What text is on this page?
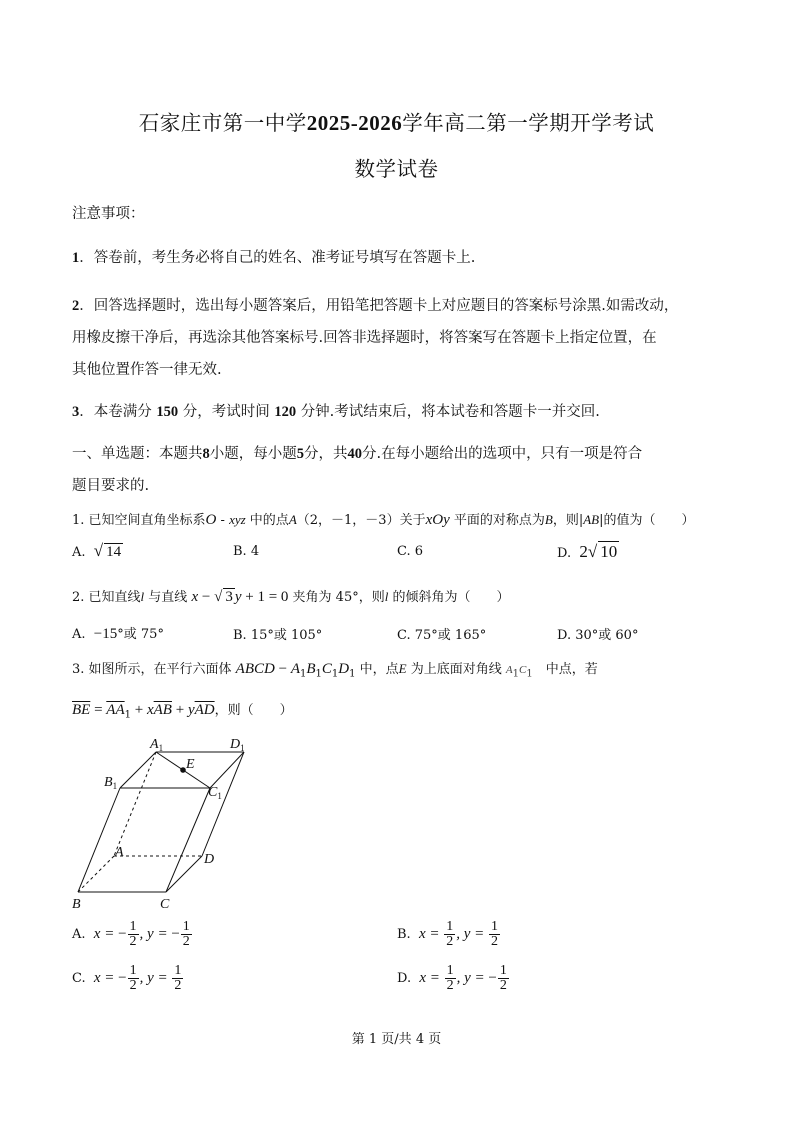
石家庄市第一中学2025-2026学年高二第一学期开学考试
数学试卷
注意事项：
1．答卷前，考生务必将自己的姓名、准考证号填写在答题卡上.
2．回答选择题时，选出每小题答案后，用铅笔把答题卡上对应题目的答案标号涂黑.如需改动，
用橡皮擦干净后，再选涂其他答案标号.回答非选择题时，将答案写在答题卡上指定位置，在
其他位置作答一律无效.
3．本卷满分 150 分，考试时间 120 分钟.考试结束后，将本试卷和答题卡一并交回.
一、单选题：本题共8小题，每小题5分，共40分.在每小题给出的选项中，只有一项是符合
题目要求的.
1. 已知空间直角坐标系O - xyz 中的点A（2，－1，－3）关于xOy 平面的对称点为B，则|AB|的值为（　　）
A. √ 14	B. 4	C. 6	D. 2√ 10
2. 已知直线l 与直线 x − √ 3 y + 1 = 0 夹角为 45°，则l 的倾斜角为（　　）
A. −15°或 75°	B. 15°或 105°	C. 75°或 165°	D. 30°或 60°
3. 如图所示，在平行六面体 ABCD − $A_1B_1C_1D_1$ 中，点E 为上底面对角线 $A_1C_1$　中点，若
$\overline{BE} = \overline{AA}_1 + x\overline{AB} + y\overline{AD}$，则（　　）
$A_1$	$D_1$
$B_1$	$C_1$
E
A	D
B	C
A. x = − $\frac{1}{2}$ , y = − $\frac{1}{2}$	B. $x = \frac{1}{2}$ , $y = \frac{1}{2}$
C. x = − $\frac{1}{2}$ , $y = \frac{1}{2}$	D. $x = \frac{1}{2}$ , y = − $\frac{1}{2}$
第 1 页/共 4 页
